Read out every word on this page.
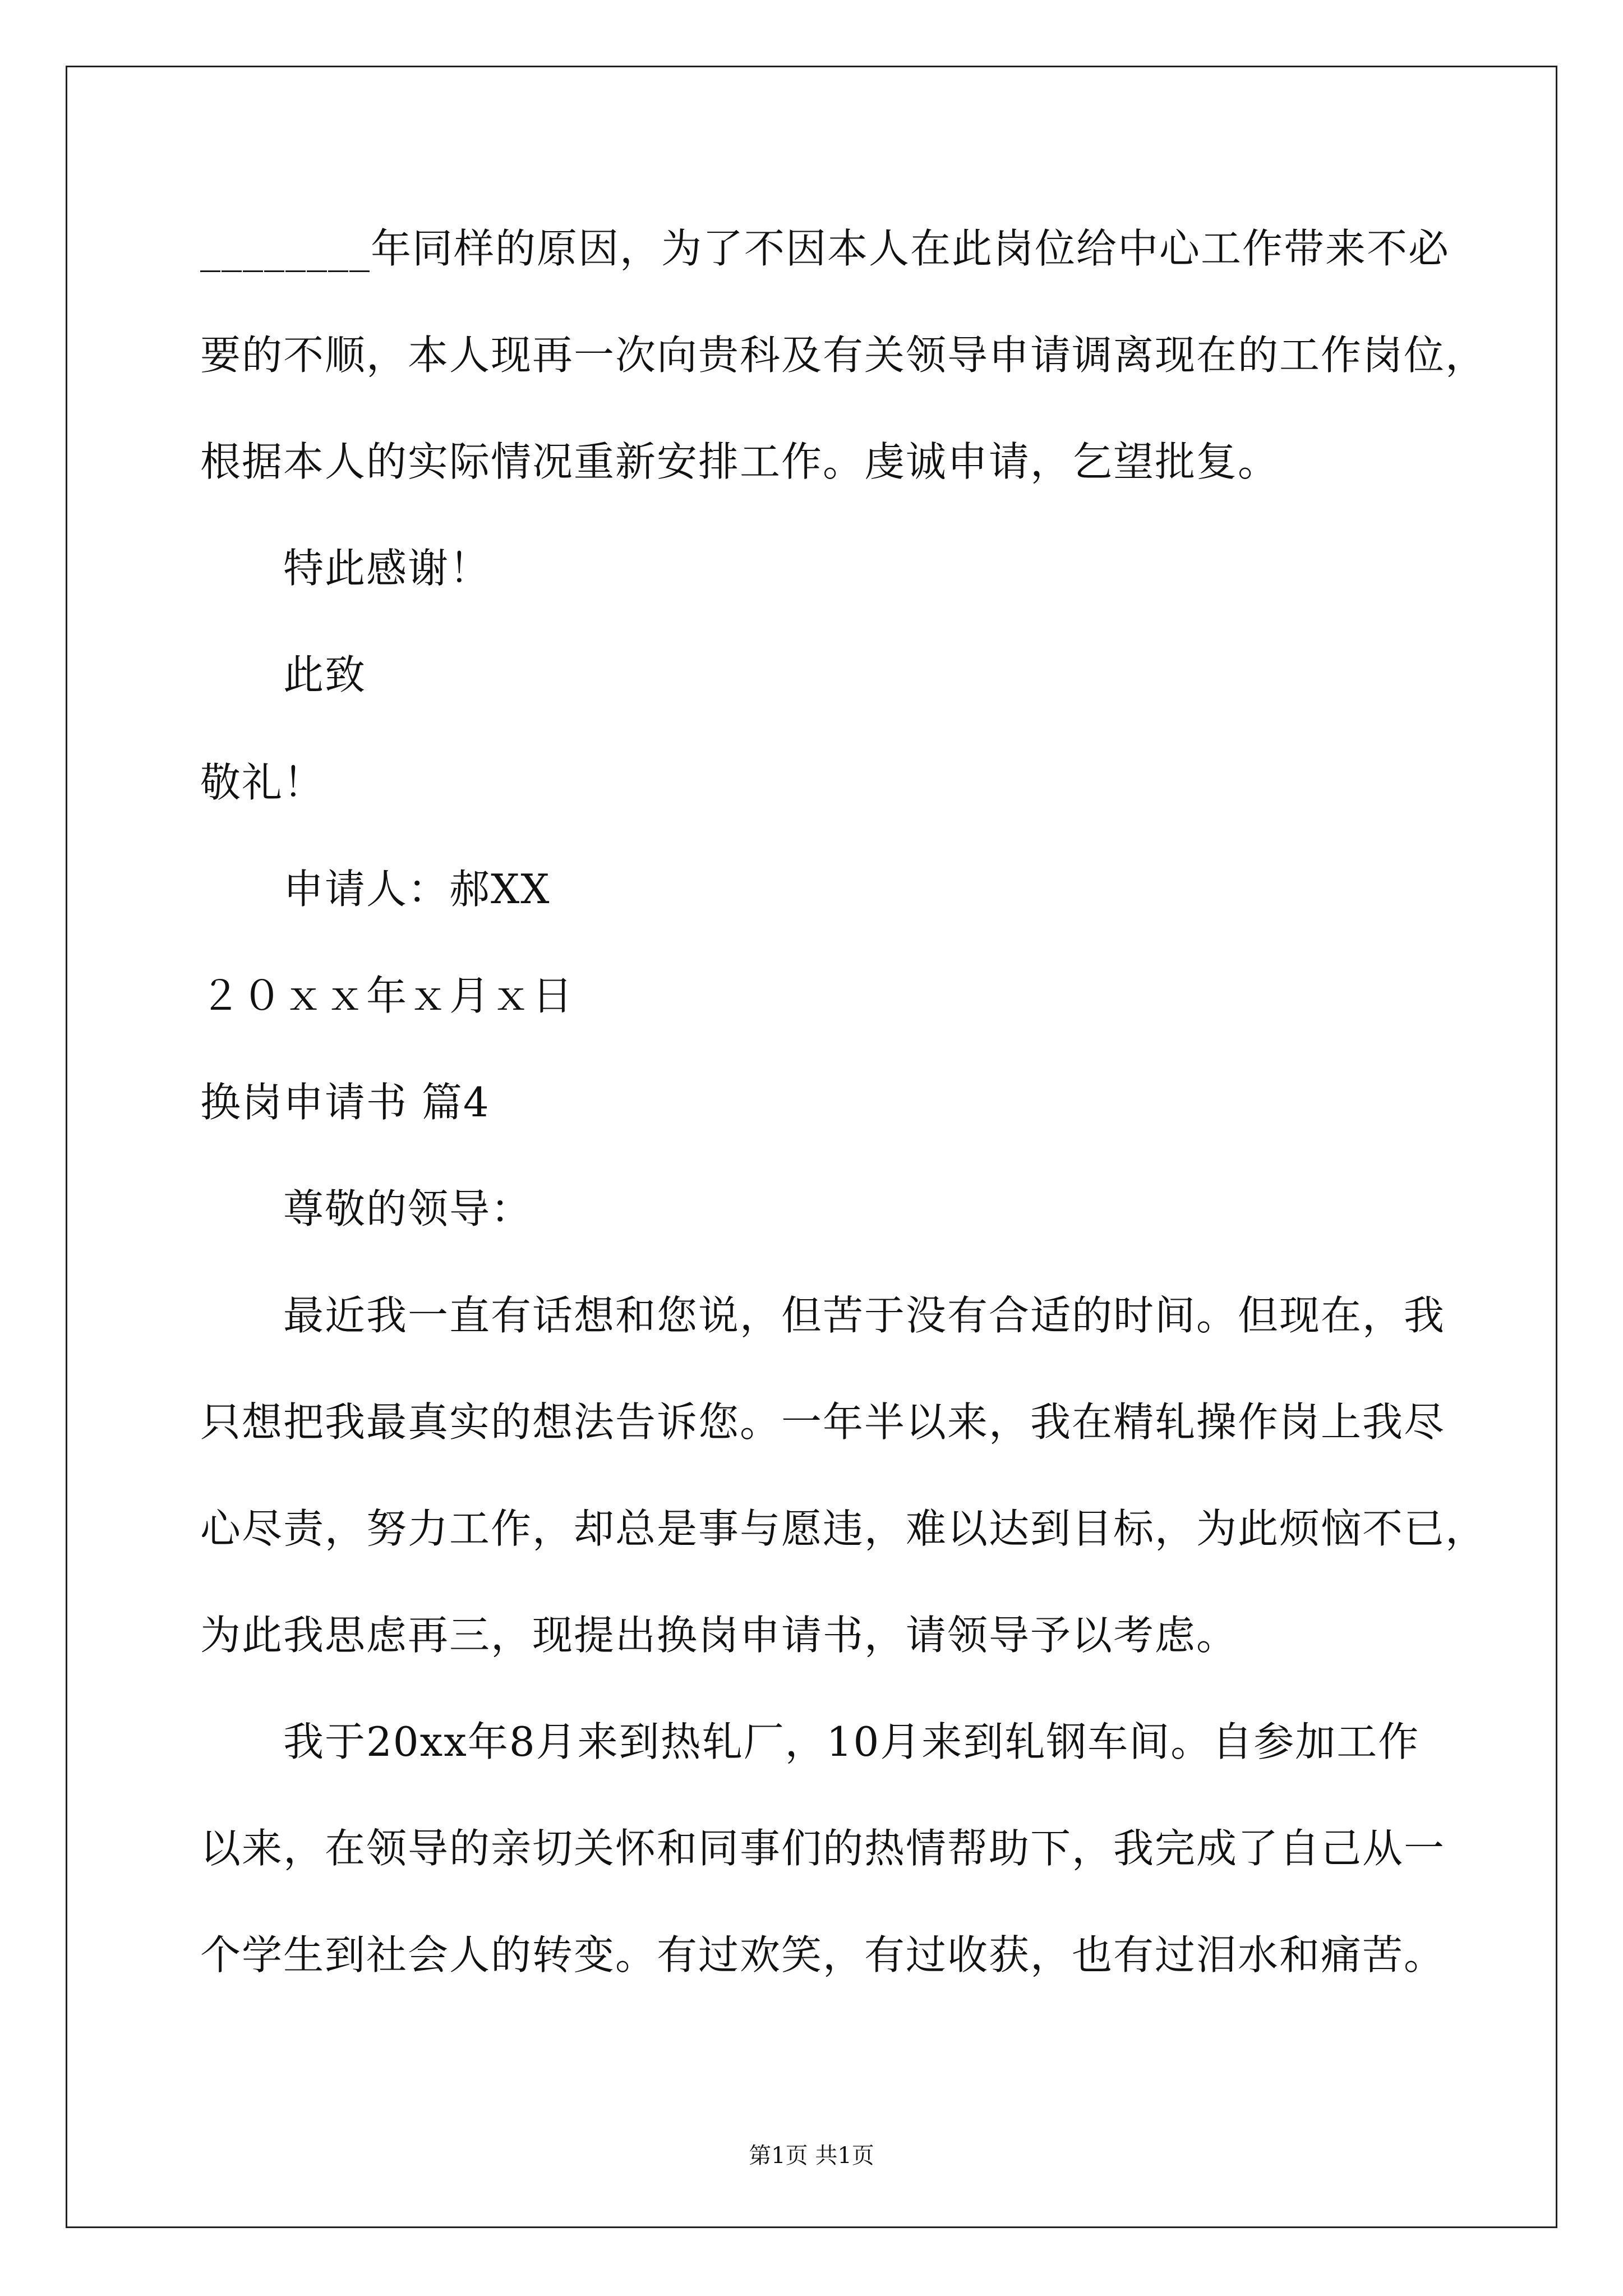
________年同样的原因，为了不因本人在此岗位给中心工作带来不必
要的不顺，本人现再一次向贵科及有关领导申请调离现在的工作岗位，
根据本人的实际情况重新安排工作。虔诚申请，乞望批复。
特此感谢！
此致
敬礼！
申请人：郝XX
２０ｘｘ年ｘ月ｘ日
换岗申请书 篇4
尊敬的领导：
最近我一直有话想和您说，但苦于没有合适的时间。但现在，我
只想把我最真实的想法告诉您。一年半以来，我在精轧操作岗上我尽
心尽责，努力工作，却总是事与愿违，难以达到目标，为此烦恼不已，
为此我思虑再三，现提出换岗申请书，请领导予以考虑。
我于20xx年8月来到热轧厂，10月来到轧钢车间。自参加工作
以来，在领导的亲切关怀和同事们的热情帮助下，我完成了自己从一
个学生到社会人的转变。有过欢笑，有过收获，也有过泪水和痛苦。
第1页 共1页
